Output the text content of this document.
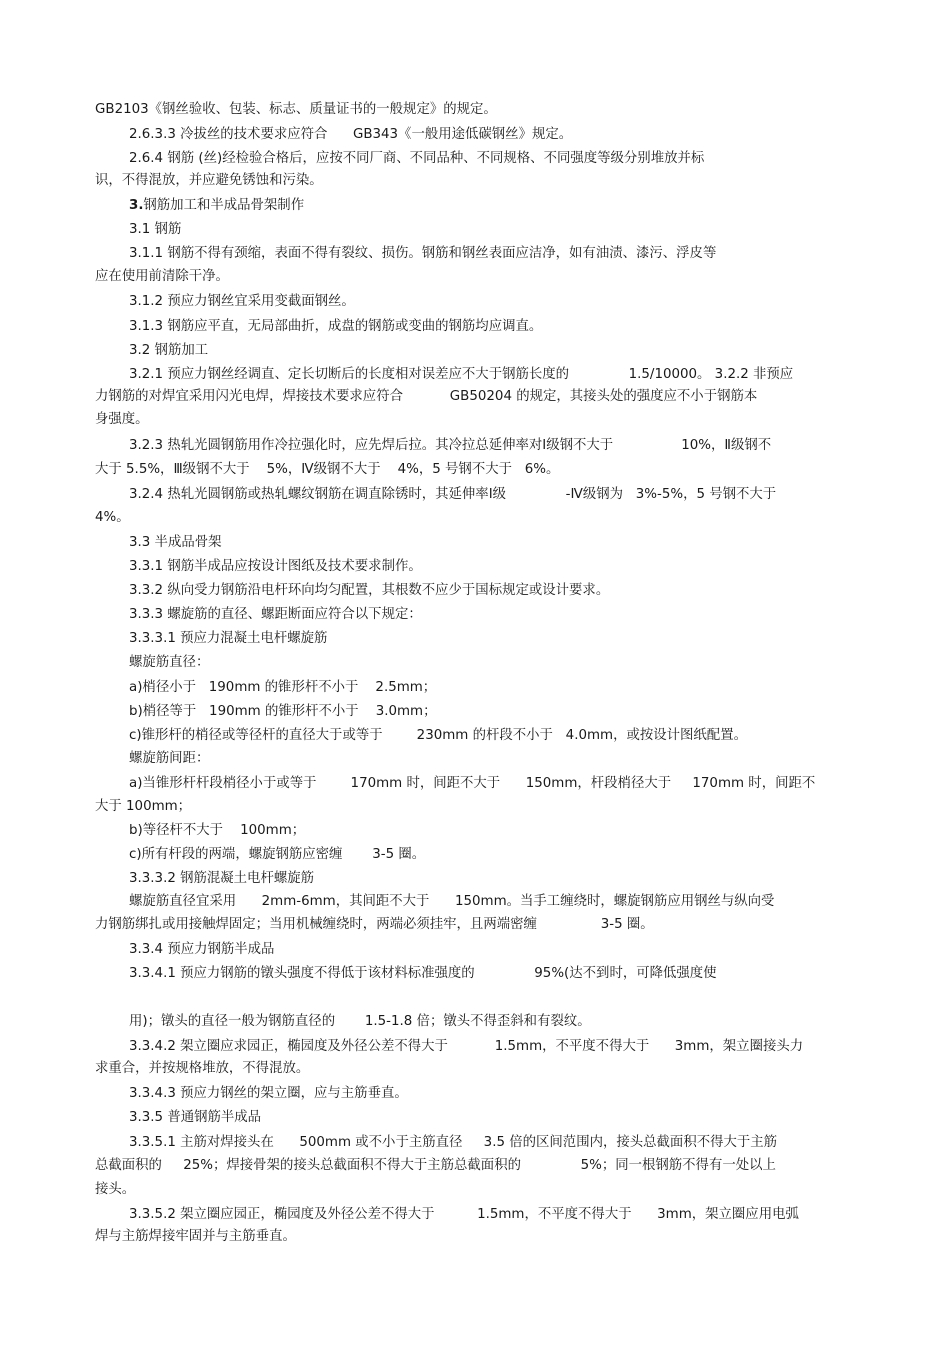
GB2103《钢丝验收、包装、标志、质量证书的一般规定》的规定。
2.6.3.3 冷拔丝的技术要求应符合      GB343《一般用途低碳钢丝》规定。
2.6.4 钢筋 (丝)经检验合格后，应按不同厂商、不同品种、不同规格、不同强度等级分别堆放并标
识，不得混放，并应避免锈蚀和污染。
3.钢筋加工和半成品骨架制作
3.1 钢筋
3.1.1 钢筋不得有颈缩，表面不得有裂纹、损伤。钢筋和钢丝表面应洁净，如有油渍、漆污、浮皮等
应在使用前清除干净。
3.1.2 预应力钢丝宜采用变截面钢丝。
3.1.3 钢筋应平直，无局部曲折，成盘的钢筋或变曲的钢筋均应调直。
3.2 钢筋加工
3.2.1 预应力钢丝经调直、定长切断后的长度相对误差应不大于钢筋长度的              1.5/10000。 3.2.2 非预应
力钢筋的对焊宜采用闪光电焊，焊接技术要求应符合           GB50204 的规定，其接头处的强度应不小于钢筋本
身强度。
3.2.3 热轧光圆钢筋用作冷拉强化时，应先焊后拉。其冷拉总延伸率对Ⅰ级钢不大于                10%，Ⅱ级钢不
大于 5.5%，Ⅲ级钢不大于    5%，Ⅳ级钢不大于    4%，5 号钢不大于   6%。
3.2.4 热轧光圆钢筋或热轧螺纹钢筋在调直除锈时，其延伸率Ⅰ级              -Ⅳ级钢为   3%-5%，5 号钢不大于
4%。
3.3 半成品骨架
3.3.1 钢筋半成品应按设计图纸及技术要求制作。
3.3.2 纵向受力钢筋沿电杆环向均匀配置，其根数不应少于国标规定或设计要求。
3.3.3 螺旋筋的直径、螺距断面应符合以下规定：
3.3.3.1 预应力混凝土电杆螺旋筋
螺旋筋直径：
a)梢径小于   190mm 的锥形杆不小于    2.5mm；
b)梢径等于   190mm 的锥形杆不小于    3.0mm；
c)锥形杆的梢径或等径杆的直径大于或等于        230mm 的杆段不小于   4.0mm，或按设计图纸配置。
螺旋筋间距：
a)当锥形杆杆段梢径小于或等于        170mm 时，间距不大于      150mm，杆段梢径大于     170mm 时，间距不
大于 100mm；
b)等径杆不大于    100mm；
c)所有杆段的两端，螺旋钢筋应密缠       3-5 圈。
3.3.3.2 钢筋混凝土电杆螺旋筋
螺旋筋直径宜采用      2mm-6mm，其间距不大于      150mm。当手工缠绕时，螺旋钢筋应用钢丝与纵向受
力钢筋绑扎或用接触焊固定；当用机械缠绕时，两端必须挂牢，且两端密缠               3-5 圈。
3.3.4 预应力钢筋半成品
3.3.4.1 预应力钢筋的镦头强度不得低于该材料标准强度的              95%(达不到时，可降低强度使
用)；镦头的直径一般为钢筋直径的       1.5-1.8 倍；镦头不得歪斜和有裂纹。
3.3.4.2 架立圈应求园正，椭园度及外径公差不得大于           1.5mm，不平度不得大于      3mm，架立圈接头力
求重合，并按规格堆放，不得混放。
3.3.4.3 预应力钢丝的架立圈，应与主筋垂直。
3.3.5 普通钢筋半成品
3.3.5.1 主筋对焊接头在      500mm 或不小于主筋直径     3.5 倍的区间范围内，接头总截面积不得大于主筋
总截面积的     25%；焊接骨架的接头总截面积不得大于主筋总截面积的              5%；同一根钢筋不得有一处以上
接头。
3.3.5.2 架立圈应园正，椭园度及外径公差不得大于          1.5mm，不平度不得大于      3mm，架立圈应用电弧
焊与主筋焊接牢固并与主筋垂直。
